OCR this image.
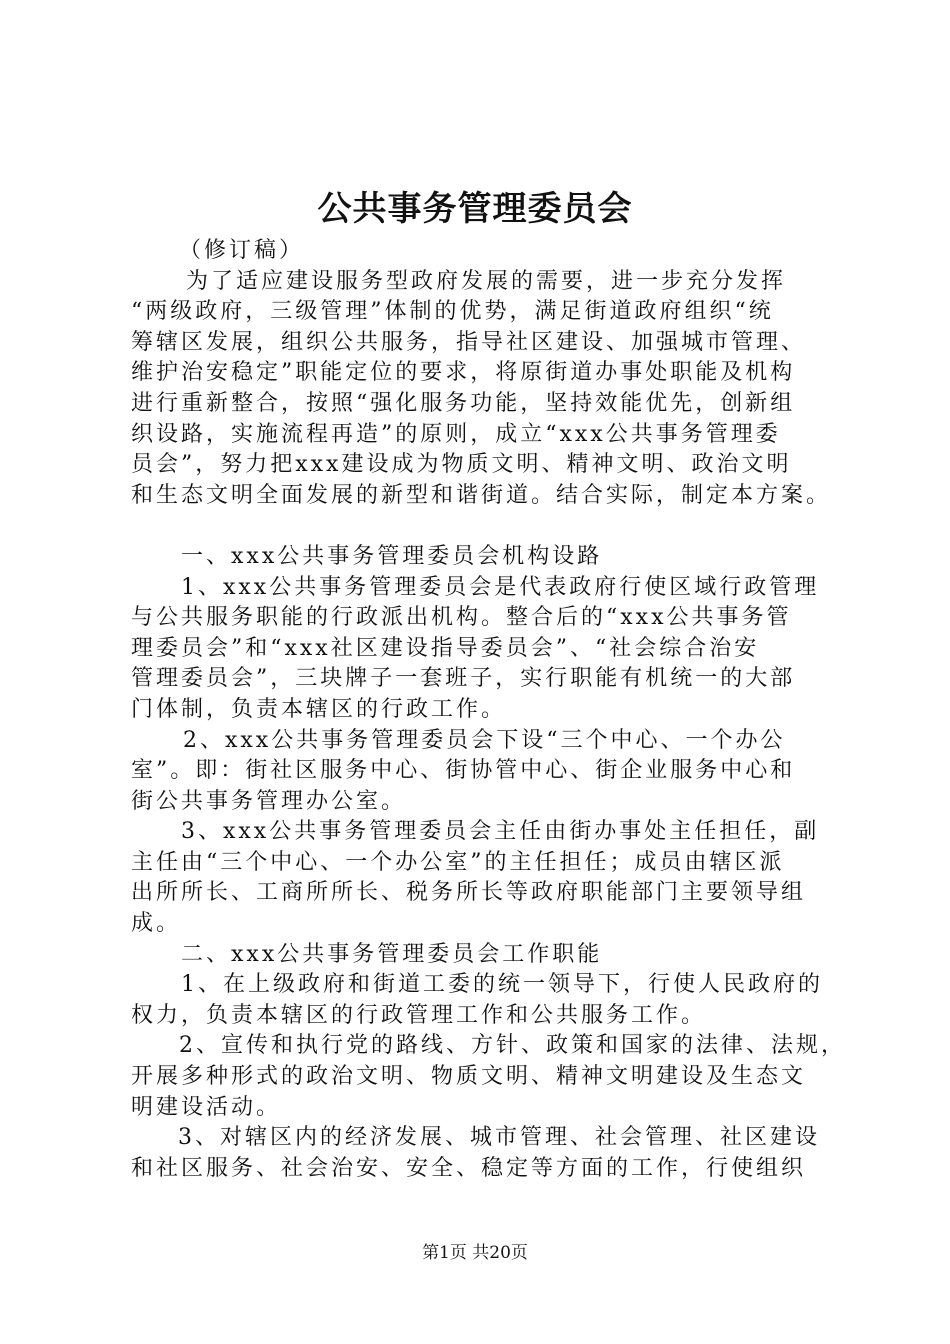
公共事务管理委员会
（修订稿）
为了适应建设服务型政府发展的需要，进一步充分发挥
“两级政府，三级管理”体制的优势，满足街道政府组织“统
筹辖区发展，组织公共服务，指导社区建设、加强城市管理、
维护治安稳定”职能定位的要求，将原街道办事处职能及机构
进行重新整合，按照“强化服务功能，坚持效能优先，创新组
织设路，实施流程再造”的原则，成立“xxx公共事务管理委
员会”，努力把xxx建设成为物质文明、精神文明、政治文明
和生态文明全面发展的新型和谐街道。结合实际，制定本方案。
一、xxx公共事务管理委员会机构设路
1、xxx公共事务管理委员会是代表政府行使区域行政管理
与公共服务职能的行政派出机构。整合后的“xxx公共事务管
理委员会”和“xxx社区建设指导委员会”、“社会综合治安
管理委员会”，三块牌子一套班子，实行职能有机统一的大部
门体制，负责本辖区的行政工作。
2、xxx公共事务管理委员会下设“三个中心、一个办公
室”。即：街社区服务中心、街协管中心、街企业服务中心和
街公共事务管理办公室。
3、xxx公共事务管理委员会主任由街办事处主任担任，副
主任由“三个中心、一个办公室”的主任担任；成员由辖区派
出所所长、工商所所长、税务所长等政府职能部门主要领导组
成。
二、xxx公共事务管理委员会工作职能
1、在上级政府和街道工委的统一领导下，行使人民政府的
权力，负责本辖区的行政管理工作和公共服务工作。
2、宣传和执行党的路线、方针、政策和国家的法律、法规，
开展多种形式的政治文明、物质文明、精神文明建设及生态文
明建设活动。
3、对辖区内的经济发展、城市管理、社会管理、社区建设
和社区服务、社会治安、安全、稳定等方面的工作，行使组织
第1页 共20页
